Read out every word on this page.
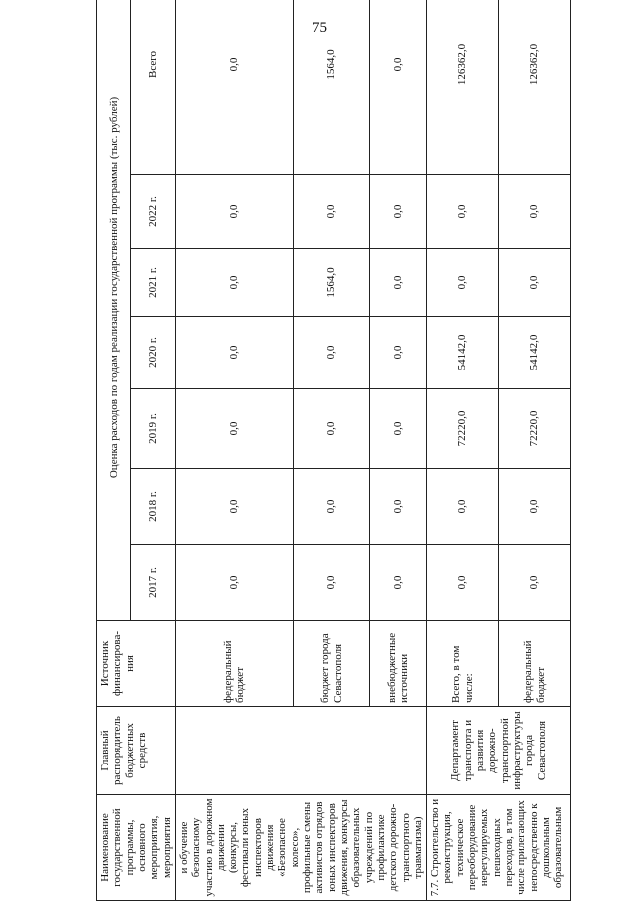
75
Наименование государственной программы, основного мероприятия, мероприятия	Главный распорядитель бюджетных средств	Источник финансирова-ния	Оценка расходов по годам реализации государственной программы (тыс. рублей)						
			2017 г.	2018 г.	2019 г.	2020 г.	2021 г.	2022 г.	Всего
и обучение безопасному участию в дорожном движении (конкурсы, фестивали юных инспекторов движения «Безопасное колесо», профильные смены активистов отрядов юных инспекторов движения, конкурсы образовательных учреждений по профилактике детского дорожно-транспортного травматизма)		федеральный бюджет	0,0	0,0	0,0	0,0	0,0	0,0	0,0
		бюджет города Севастополя	0,0	0,0	0,0	0,0	1564,0	0,0	1564,0
		внебюджетные источники	0,0	0,0	0,0	0,0	0,0	0,0	0,0
7.7. Строительство и реконструкция, техническое переоборудование нерегулируемых пешеходных переходов, в том числе прилегающих непосредственно к дошкольным образовательным	Департамент транспорта и развития дорожно-транспортной инфраструктуры города Севастополя	Всего, в том числе:	0,0	0,0	72220,0	54142,0	0,0	0,0	126362,0
		федеральный бюджет	0,0	0,0	72220,0	54142,0	0,0	0,0	126362,0
